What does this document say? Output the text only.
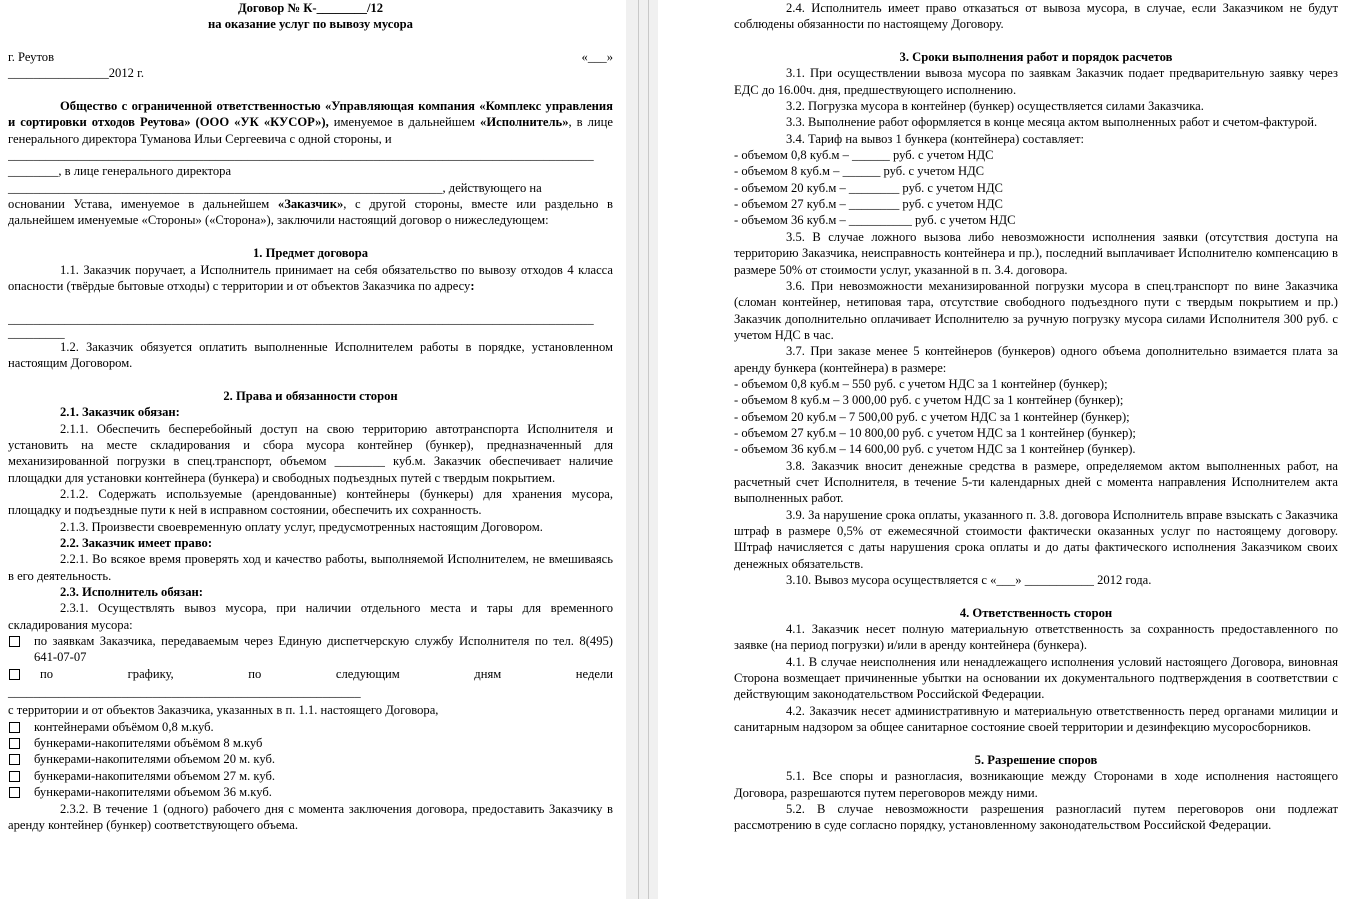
Договор № К-________/12

на оказание услуг по вывозу мусора

г. Реутов	«___»

________________2012 г.

Общество с ограниченной ответственностью «Управляющая компания «Комплекс управления и сортировки отходов Реутова» (ООО «УК «КУСОР»), именуемое в дальнейшем «Исполнитель», в лице генерального директора Туманова Ильи Сергеевича с одной стороны, и

_____________________________________________________________________________________________

________, в лице генерального директора

_____________________________________________________________________, действующего на

основании Устава, именуемое в дальнейшем «Заказчик», с другой стороны, вместе или раздельно в дальнейшем именуемые «Стороны» («Сторона»), заключили настоящий договор о нижеследующем:

1. Предмет договора

1.1. Заказчик поручает, а Исполнитель принимает на себя обязательство по вывозу отходов 4 класса опасности (твёрдые бытовые отходы) с территории и от объектов Заказчика по адресу:

_____________________________________________________________________________________________

_________

1.2. Заказчик обязуется оплатить выполненные Исполнителем работы в порядке, установленном настоящим Договором.

2. Права и обязанности сторон

2.1. Заказчик обязан:

2.1.1. Обеспечить бесперебойный доступ на свою территорию автотранспорта Исполнителя и установить на месте складирования и сбора мусора контейнер (бункер), предназначенный для механизированной погрузки в спец.транспорт, объемом ________ куб.м. Заказчик обеспечивает наличие площадки для установки контейнера (бункера) и свободных подъездных путей с твердым покрытием.

2.1.2. Содержать используемые (арендованные) контейнеры (бункеры) для хранения мусора, площадку и подъездные пути к ней в исправном состоянии, обеспечить их сохранность.

2.1.3. Произвести своевременную оплату услуг, предусмотренных настоящим Договором.

2.2. Заказчик имеет право:

2.2.1. Во всякое время проверять ход и качество работы, выполняемой Исполнителем, не вмешиваясь в его деятельность.

2.3. Исполнитель обязан:

2.3.1. Осуществлять вывоз мусора, при наличии отдельного места и тары для временного складирования мусора:

по заявкам Заказчика, передаваемым через Единую диспетчерскую службу Исполнителя по тел. 8(495) 641-07-07
по графику, по следующим дням недели

________________________________________________________

с территории и от объектов Заказчика, указанных в п. 1.1. настоящего Договора,

контейнерами объёмом 0,8 м.куб.
бункерами-накопителями объёмом 8 м.куб
бункерами-накопителями объемом 20 м. куб.
бункерами-накопителями объемом 27 м. куб.
бункерами-накопителями объемом 36 м.куб.

2.3.2. В течение 1 (одного) рабочего дня с момента заключения договора, предоставить Заказчику в аренду контейнер (бункер) соответствующего объема.

2.4. Исполнитель имеет право отказаться от вывоза мусора, в случае, если Заказчиком не будут соблюдены обязанности по настоящему Договору.

3. Сроки выполнения работ и порядок расчетов

3.1. При осуществлении вывоза мусора по заявкам Заказчик подает предварительную заявку через ЕДС до 16.00ч. дня, предшествующего исполнению.

3.2. Погрузка мусора в контейнер (бункер) осуществляется силами Заказчика.

3.3. Выполнение работ оформляется в конце месяца актом выполненных работ и счетом-фактурой.

3.4. Тариф на вывоз 1 бункера (контейнера) составляет:

- объемом 0,8 куб.м – ______ руб. с учетом НДС

- объемом 8 куб.м – ______ руб. с учетом НДС

- объемом 20 куб.м – ________ руб. с учетом НДС

- объемом 27 куб.м – ________ руб. с учетом НДС

- объемом 36 куб.м – __________ руб. с учетом НДС

3.5. В случае ложного вызова либо невозможности исполнения заявки (отсутствия доступа на территорию Заказчика, неисправность контейнера и пр.), последний выплачивает Исполнителю компенсацию в размере 50% от стоимости услуг, указанной в п. 3.4. договора.

3.6. При невозможности механизированной погрузки мусора в спец.транспорт по вине Заказчика (сломан контейнер, нетиповая тара, отсутствие свободного подъездного пути с твердым покрытием и пр.) Заказчик дополнительно оплачивает Исполнителю за ручную погрузку мусора силами Исполнителя 300 руб. с учетом НДС в час.

3.7. При заказе менее 5 контейнеров (бункеров) одного объема дополнительно взимается плата за аренду бункера (контейнера) в размере:

- объемом 0,8 куб.м – 550 руб. с учетом НДС за 1 контейнер (бункер);

- объемом 8 куб.м – 3 000,00 руб. с учетом НДС за 1 контейнер (бункер);

- объемом 20 куб.м – 7 500,00 руб. с учетом НДС за 1 контейнер (бункер);

- объемом 27 куб.м – 10 800,00 руб. с учетом НДС за 1 контейнер (бункер);

- объемом 36 куб.м – 14 600,00 руб. с учетом НДС за 1 контейнер (бункер).

3.8. Заказчик вносит денежные средства в размере, определяемом актом выполненных работ, на расчетный счет Исполнителя, в течение 5-ти календарных дней с момента направления Исполнителем акта выполненных работ.

3.9. За нарушение срока оплаты, указанного п. 3.8. договора Исполнитель вправе взыскать с Заказчика штраф в размере 0,5% от ежемесячной стоимости фактически оказанных услуг по настоящему договору. Штраф начисляется с даты нарушения срока оплаты и до даты фактического исполнения Заказчиком своих денежных обязательств.

3.10. Вывоз мусора осуществляется с «___» ___________ 2012 года.

4. Ответственность сторон

4.1. Заказчик несет полную материальную ответственность за сохранность предоставленного по заявке (на период погрузки) и/или в аренду контейнера (бункера).

4.1. В случае неисполнения или ненадлежащего исполнения условий настоящего Договора, виновная Сторона возмещает причиненные убытки на основании их документального подтверждения в соответствии с действующим законодательством Российской Федерации.

4.2. Заказчик несет административную и материальную ответственность перед органами милиции и санитарным надзором за общее санитарное состояние своей территории и дезинфекцию мусоросборников.

5. Разрешение споров

5.1. Все споры и разногласия, возникающие между Сторонами в ходе исполнения настоящего Договора, разрешаются путем переговоров между ними.

5.2. В случае невозможности разрешения разногласий путем переговоров они подлежат рассмотрению в суде согласно порядку, установленному законодательством Российской Федерации.
